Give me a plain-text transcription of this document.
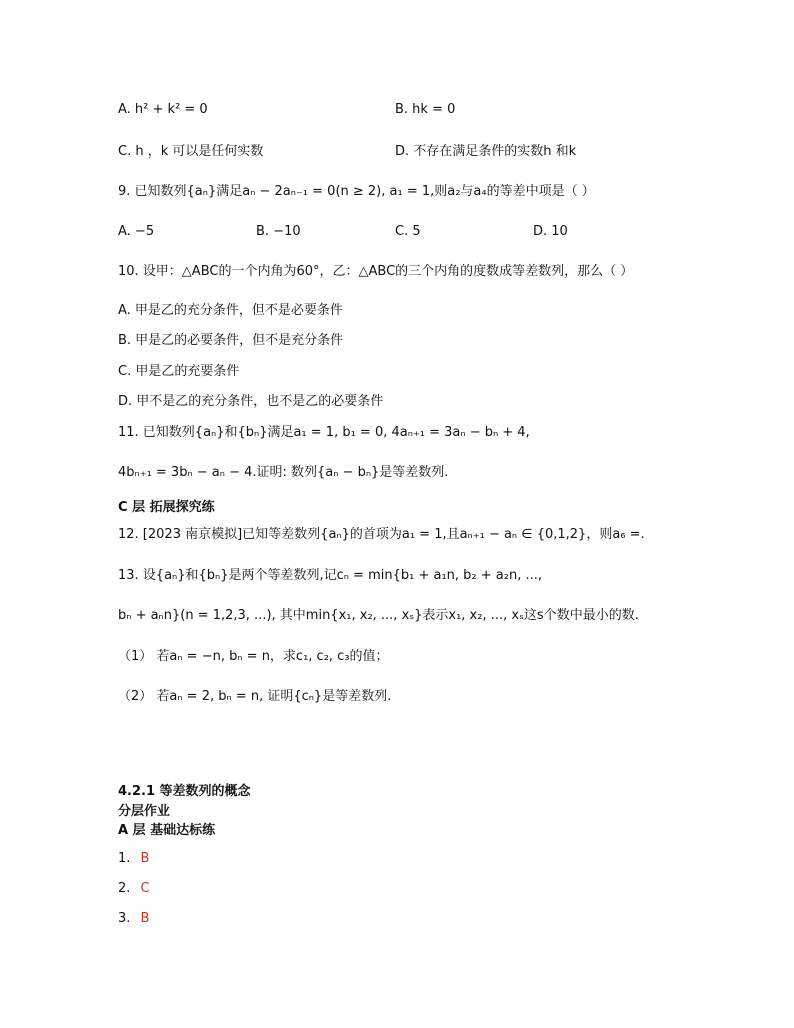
A. h² + k² = 0	B. hk = 0
C. h ，k 可以是任何实数	D. 不存在满足条件的实数h 和k
9. 已知数列{aₙ}满足aₙ − 2aₙ₋₁ = 0(n ≥ 2), a₁ = 1,则a₂与a₄的等差中项是（ ）
A. −5	B. −10	C. 5	D. 10
10. 设甲：△ABC的一个内角为60°，乙：△ABC的三个内角的度数成等差数列，那么（ ）
A. 甲是乙的充分条件，但不是必要条件
B. 甲是乙的必要条件，但不是充分条件
C. 甲是乙的充要条件
D. 甲不是乙的充分条件，也不是乙的必要条件
11. 已知数列{aₙ}和{bₙ}满足a₁ = 1, b₁ = 0, 4aₙ₊₁ = 3aₙ − bₙ + 4,
4bₙ₊₁ = 3bₙ − aₙ − 4.证明: 数列{aₙ − bₙ}是等差数列.
C 层 拓展探究练
12. [2023 南京模拟]已知等差数列{aₙ}的首项为a₁ = 1,且aₙ₊₁ − aₙ ∈ {0,1,2}，则a₆ =.
13. 设{aₙ}和{bₙ}是两个等差数列,记cₙ = min{b₁ + a₁n, b₂ + a₂n, ...,
bₙ + aₙn}(n = 1,2,3, ...), 其中min{x₁, x₂, ..., xₛ}表示x₁, x₂, ..., xₛ这s个数中最小的数.
（1） 若aₙ = −n, bₙ = n，求c₁, c₂, c₃的值；
（2） 若aₙ = 2, bₙ = n, 证明{cₙ}是等差数列.
4.2.1 等差数列的概念
分层作业
A 层 基础达标练
1. B
2. C
3. B
